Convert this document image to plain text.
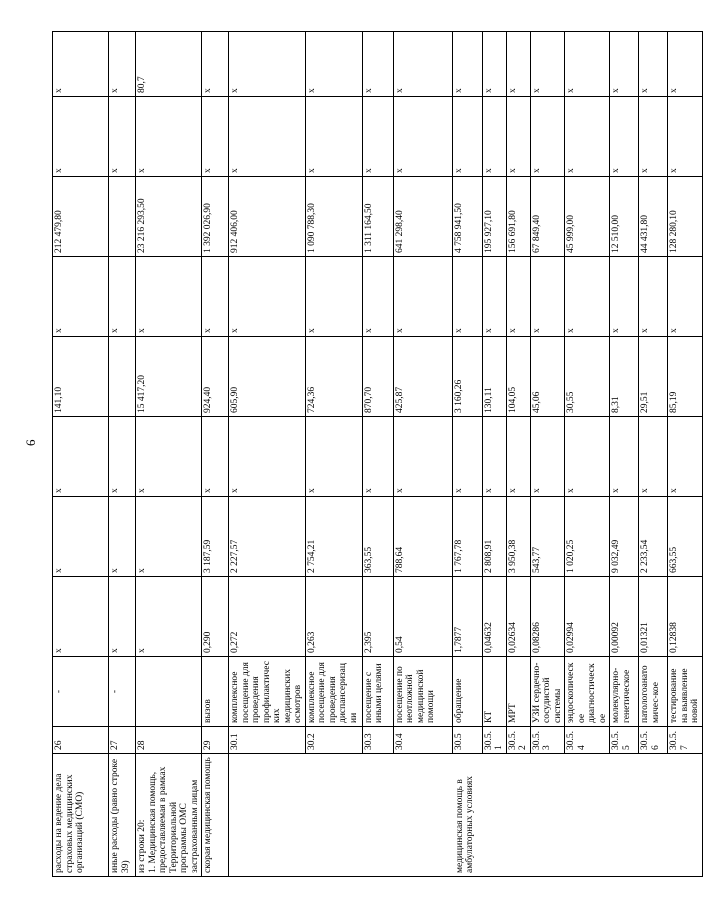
6
расходы на ведение дела страховых медицинских организаций (СМО)	26	-	x	x	x	141,10	x	212 479,80	x	x
иные расходы (равно строке 39)	27	-	x	x	x		x		x	x
из строки 20:
1. Медицинская помощь, предоставляемая в рамках Территориальной программы ОМС застрахованным лицам	28		x	x	x	15 417,20	x	23 216 293,50	x	80,7
скорая медицинская помощь	29	вызов	0,290	3 187,59	x	924,40	x	1 392 026,90	x	x
медицинская помощь в амбулаторных условиях	30.1	комплексное посещение для проведения профилактических медицинских осмотров	0,272	2 227,57	x	605,90	x	912 406,00	x	x
	30.2	комплексное посещение для проведения диспансеризации	0,263	2 754,21	x	724,36	x	1 090 788,30	x	x
	30.3	посещение с иными целями	2,395	363,55	x	870,70	x	1 311 164,50	x	x
	30.4	посещение по неотложной медицинской помощи	0,54	788,64	x	425,87	x	641 298,40	x	x
	30.5	обращение	1,7877	1 767,78	x	3 160,26	x	4 758 941,50	x	x
	30.5.1	КТ	0,04632	2 808,91	x	130,11	x	195 927,10	x	x
	30.5.2	МРТ	0,02634	3 950,38	x	104,05	x	156 691,80	x	x
	30.5.3	УЗИ сердечно-сосудистой системы	0,08286	543,77	x	45,06	x	67 849,40	x	x
	30.5.4	эндоскопическое диагностическое	0,02994	1 020,25	x	30,55	x	45 999,00	x	x
	30.5.5	молекулярно-генетическое	0,00092	9 032,49	x	8,31	x	12 510,00	x	x
	30.5.6	патологоанатомичес-кое	0,01321	2 233,54	x	29,51	x	44 431,80	x	x
	30.5.7	тестирование на выявление новой	0,12838	663,55	x	85,19	x	128 280,10	x	x
